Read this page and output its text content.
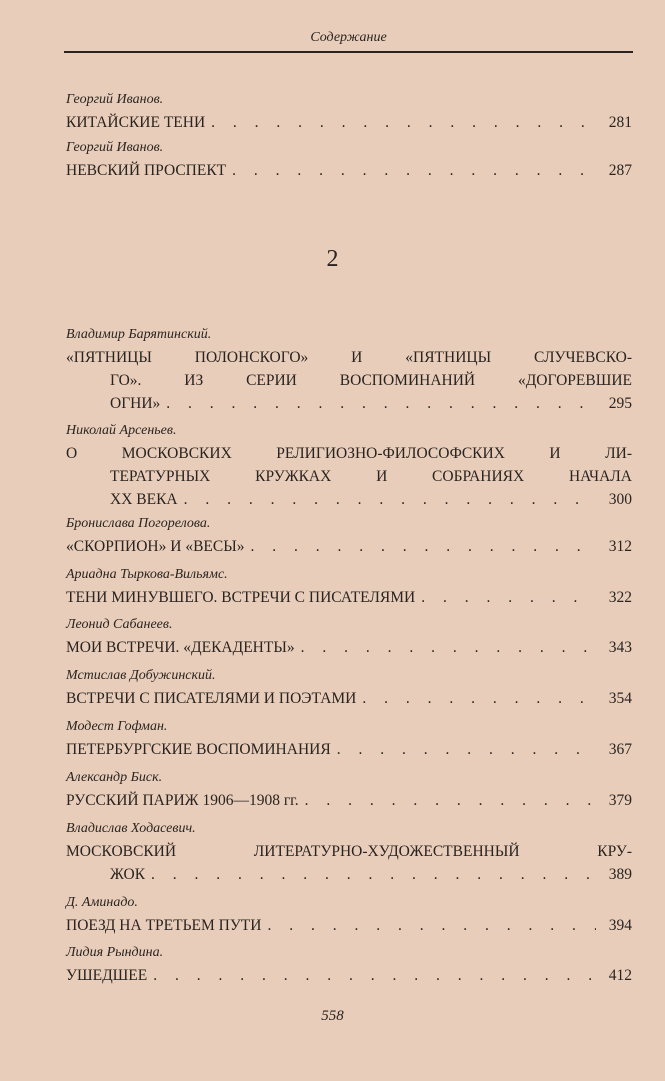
Содержание
2
Георгий Иванов.
КИТАЙСКИЕ ТЕНИ . . .	281
Георгий Иванов.
НЕВСКИЙ ПРОСПЕКТ . . .	287
Владимир Барятинский.
«ПЯТНИЦЫ ПОЛОНСКОГО» И «ПЯТНИЦЫ СЛУЧЕВСКО-
ГО». ИЗ СЕРИИ ВОСПОМИНАНИЙ «ДОГОРЕВШИЕ
ОГНИ» . . .	295
Николай Арсеньев.
О МОСКОВСКИХ РЕЛИГИОЗНО-ФИЛОСОФСКИХ И ЛИ-
ТЕРАТУРНЫХ КРУЖКАХ И СОБРАНИЯХ НАЧАЛА
XX ВЕКА . . .	300
Бронислава Погорелова.
«СКОРПИОН» И «ВЕСЫ» . . .	312
Ариадна Тыркова-Вильямс.
ТЕНИ МИНУВШЕГО. ВСТРЕЧИ С ПИСАТЕЛЯМИ . . .	322
Леонид Сабанеев.
МОИ ВСТРЕЧИ. «ДЕКАДЕНТЫ» . . .	343
Мстислав Добужинский.
ВСТРЕЧИ С ПИСАТЕЛЯМИ И ПОЭТАМИ . . .	354
Модест Гофман.
ПЕТЕРБУРГСКИЕ ВОСПОМИНАНИЯ . . .	367
Александр Биск.
РУССКИЙ ПАРИЖ 1906—1908 гг. . . .	379
Владислав Ходасевич.
МОСКОВСКИЙ ЛИТЕРАТУРНО-ХУДОЖЕСТВЕННЫЙ КРУ-
ЖОК . . .	389
Д. Аминадо.
ПОЕЗД НА ТРЕТЬЕМ ПУТИ . . .	394
Лидия Рындина.
УШЕДШЕЕ . . .	412
558
